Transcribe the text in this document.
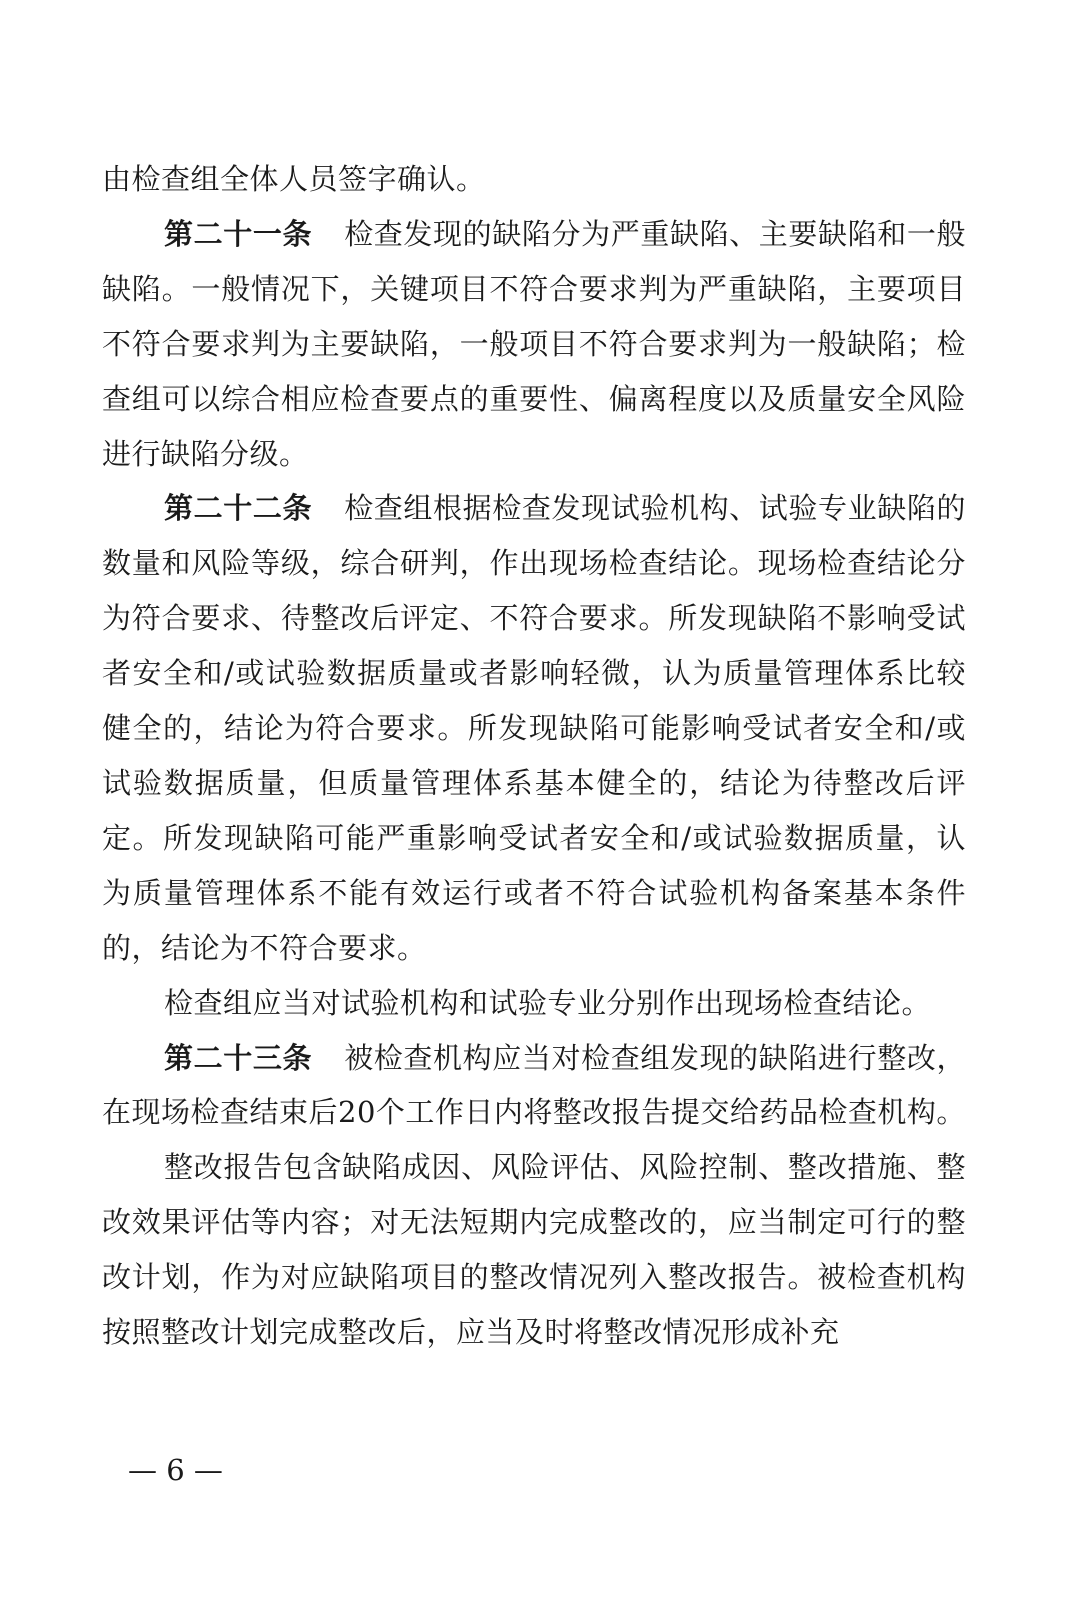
由检查组全体人员签字确认。

第二十一条 检查发现的缺陷分为严重缺陷、主要缺陷和一般缺陷。一般情况下，关键项目不符合要求判为严重缺陷，主要项目不符合要求判为主要缺陷，一般项目不符合要求判为一般缺陷；检查组可以综合相应检查要点的重要性、偏离程度以及质量安全风险进行缺陷分级。

第二十二条 检查组根据检查发现试验机构、试验专业缺陷的数量和风险等级，综合研判，作出现场检查结论。现场检查结论分为符合要求、待整改后评定、不符合要求。所发现缺陷不影响受试者安全和/或试验数据质量或者影响轻微，认为质量管理体系比较健全的，结论为符合要求。所发现缺陷可能影响受试者安全和/或试验数据质量，但质量管理体系基本健全的，结论为待整改后评定。所发现缺陷可能严重影响受试者安全和/或试验数据质量，认为质量管理体系不能有效运行或者不符合试验机构备案基本条件的，结论为不符合要求。

检查组应当对试验机构和试验专业分别作出现场检查结论。

第二十三条 被检查机构应当对检查组发现的缺陷进行整改，在现场检查结束后20个工作日内将整改报告提交给药品检查机构。

整改报告包含缺陷成因、风险评估、风险控制、整改措施、整改效果评估等内容；对无法短期内完成整改的，应当制定可行的整改计划，作为对应缺陷项目的整改情况列入整改报告。被检查机构按照整改计划完成整改后，应当及时将整改情况形成补充

— 6 —
